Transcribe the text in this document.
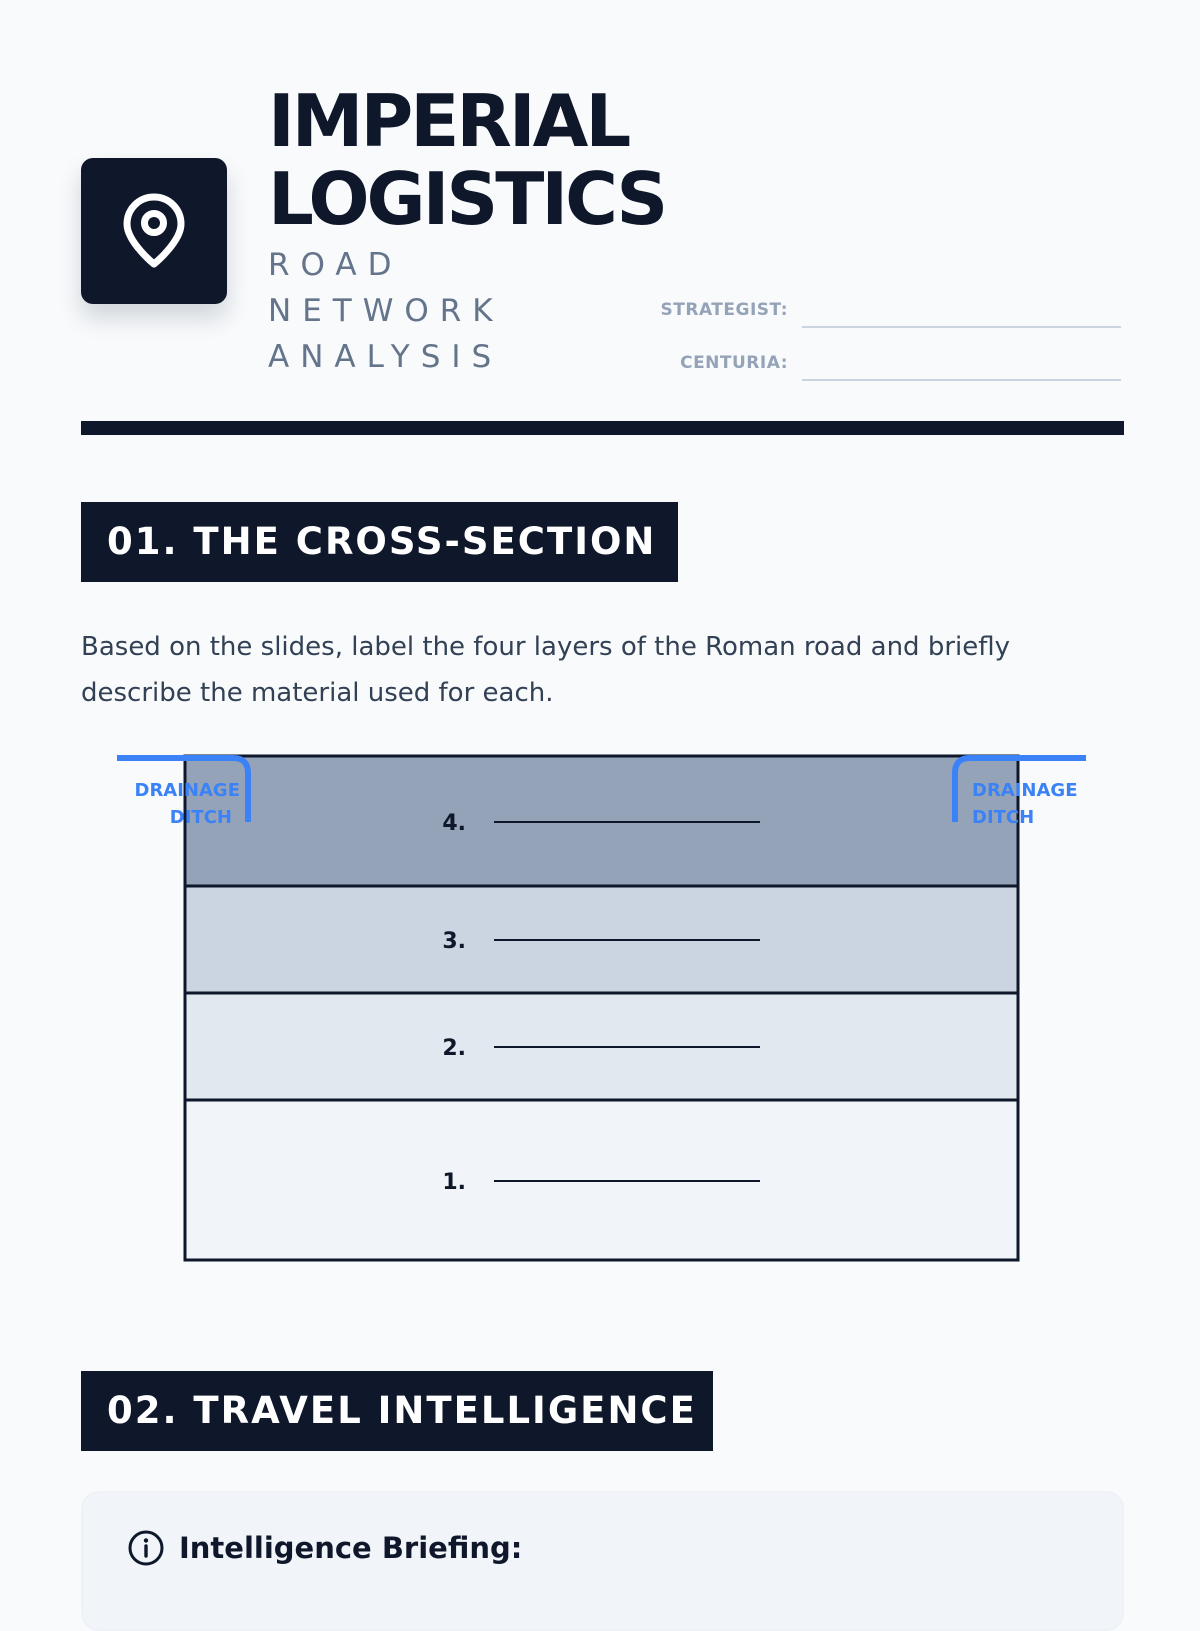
IMPERIAL
LOGISTICS
ROAD
NETWORK
ANALYSIS
STRATEGIST:
CENTURIA:
01. THE CROSS-SECTION

Based on the slides, label the four layers of the Roman road and briefly describe the material used for each.

4.
3.
2.
1.
DRAINAGE
DITCH
DRAINAGE
DITCH
02. TRAVEL INTELLIGENCE
Intelligence Briefing:
